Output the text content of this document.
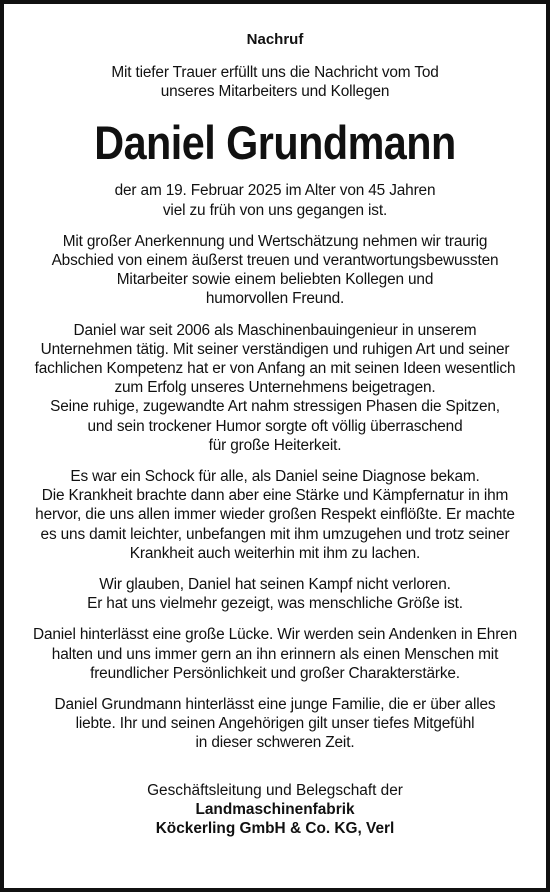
Nachruf
Mit tiefer Trauer erfüllt uns die Nachricht vom Tod
unseres Mitarbeiters und Kollegen
Daniel Grundmann
der am 19. Februar 2025 im Alter von 45 Jahren
viel zu früh von uns gegangen ist.
Mit großer Anerkennung und Wertschätzung nehmen wir traurig
Abschied von einem äußerst treuen und verantwortungsbewussten
Mitarbeiter sowie einem beliebten Kollegen und
humorvollen Freund.
Daniel war seit 2006 als Maschinenbauingenieur in unserem
Unternehmen tätig. Mit seiner verständigen und ruhigen Art und seiner
fachlichen Kompetenz hat er von Anfang an mit seinen Ideen wesentlich
zum Erfolg unseres Unternehmens beigetragen.
Seine ruhige, zugewandte Art nahm stressigen Phasen die Spitzen,
und sein trockener Humor sorgte oft völlig überraschend
für große Heiterkeit.
Es war ein Schock für alle, als Daniel seine Diagnose bekam.
Die Krankheit brachte dann aber eine Stärke und Kämpfernatur in ihm
hervor, die uns allen immer wieder großen Respekt einflößte. Er machte
es uns damit leichter, unbefangen mit ihm umzugehen und trotz seiner
Krankheit auch weiterhin mit ihm zu lachen.
Wir glauben, Daniel hat seinen Kampf nicht verloren.
Er hat uns vielmehr gezeigt, was menschliche Größe ist.
Daniel hinterlässt eine große Lücke. Wir werden sein Andenken in Ehren
halten und uns immer gern an ihn erinnern als einen Menschen mit
freundlicher Persönlichkeit und großer Charakterstärke.
Daniel Grundmann hinterlässt eine junge Familie, die er über alles
liebte. Ihr und seinen Angehörigen gilt unser tiefes Mitgefühl
in dieser schweren Zeit.
Geschäftsleitung und Belegschaft der
Landmaschinenfabrik
Köckerling GmbH & Co. KG, Verl
